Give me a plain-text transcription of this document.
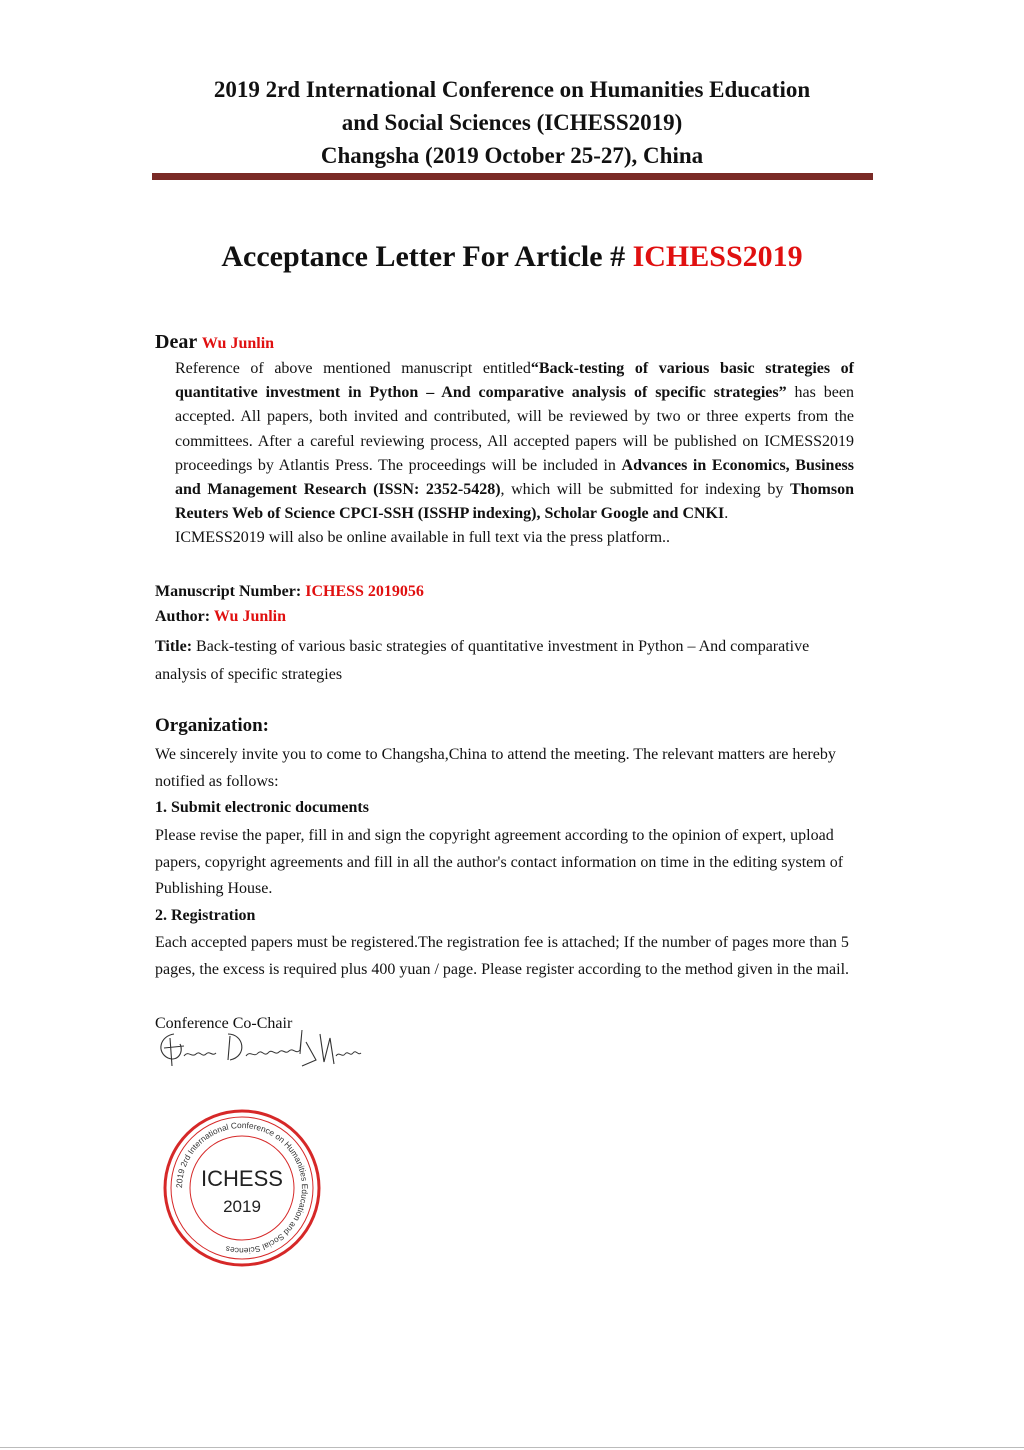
2019 2rd International Conference on Humanities Education
and Social Sciences (ICHESS2019)
Changsha (2019 October 25-27), China
Acceptance Letter For Article # ICHESS2019
Dear Wu Junlin
Reference of above mentioned manuscript entitled“Back-testing of various basic strategies of quantitative investment in Python – And comparative analysis of specific strategies” has been accepted. All papers, both invited and contributed, will be reviewed by two or three experts from the committees. After a careful reviewing process, All accepted papers will be published on ICMESS2019 proceedings by Atlantis Press. The proceedings will be included in Advances in Economics, Business and Management Research (ISSN: 2352-5428), which will be submitted for indexing by Thomson Reuters Web of Science CPCI-SSH (ISSHP indexing), Scholar Google and CNKI.
ICMESS2019 will also be online available in full text via the press platform..
Manuscript Number: ICHESS 2019056
Author: Wu Junlin
Title: Back-testing of various basic strategies of quantitative investment in Python – And comparative analysis of specific strategies
Organization:
We sincerely invite you to come to Changsha,China to attend the meeting. The relevant matters are hereby notified as follows:
1. Submit electronic documents
Please revise the paper, fill in and sign the copyright agreement according to the opinion of expert, upload papers, copyright agreements and fill in all the author's contact information on time in the editing system of Publishing House.
2. Registration
Each accepted papers must be registered.The registration fee is attached; If the number of pages more than 5 pages, the excess is required plus 400 yuan / page. Please register according to the method given in the mail.
Conference Co-Chair
2019 2rd International Conference on Humanities Education and Social Sciences
ICHESS
2019
